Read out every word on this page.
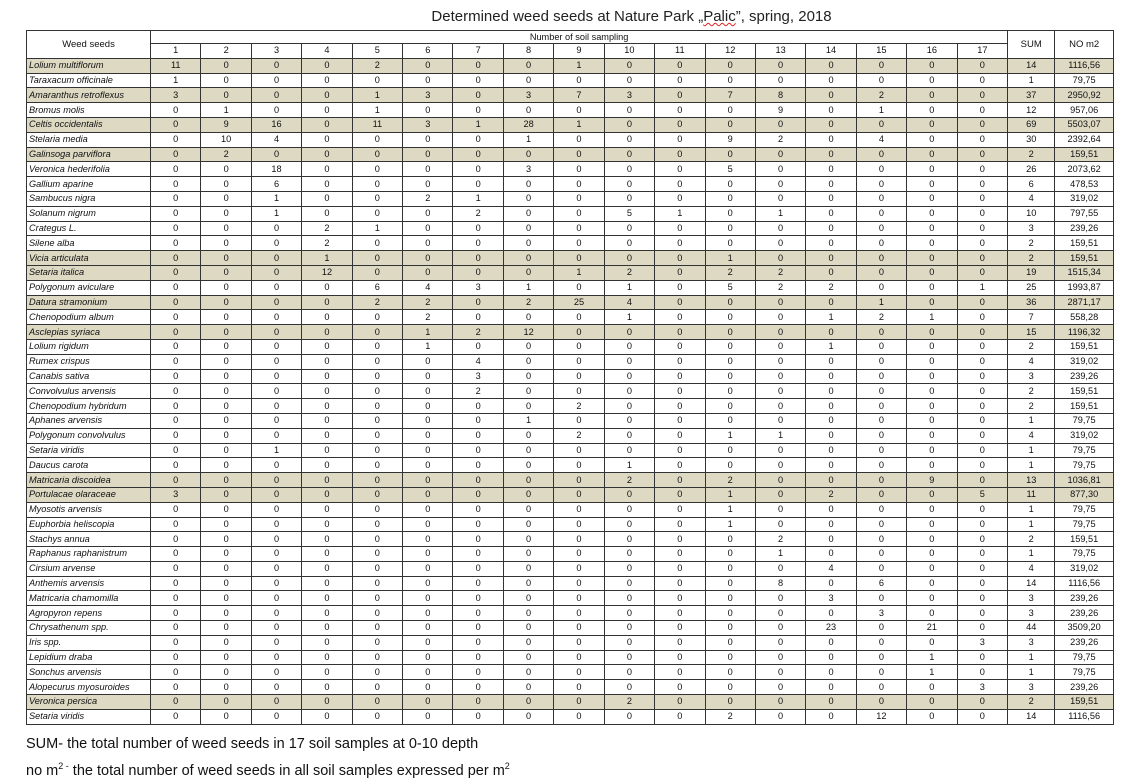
Determined weed seeds at Nature Park „Palic”, spring, 2018
Weed seeds	Number of soil sampling																	SUM	NO m2
	1	2	3	4	5	6	7	8	9	10	11	12	13	14	15	16	17		
Lolium multiflorum	11	0	0	0	2	0	0	0	1	0	0	0	0	0	0	0	0	14	1116,56
Taraxacum officinale	1	0	0	0	0	0	0	0	0	0	0	0	0	0	0	0	0	1	79,75
Amaranthus retroflexus	3	0	0	0	1	3	0	3	7	3	0	7	8	0	2	0	0	37	2950,92
Bromus molis	0	1	0	0	1	0	0	0	0	0	0	0	9	0	1	0	0	12	957,06
Celtis occidentalis	0	9	16	0	11	3	1	28	1	0	0	0	0	0	0	0	0	69	5503,07
Stelaria media	0	10	4	0	0	0	0	1	0	0	0	9	2	0	4	0	0	30	2392,64
Galinsoga parviflora	0	2	0	0	0	0	0	0	0	0	0	0	0	0	0	0	0	2	159,51
Veronica hederifolia	0	0	18	0	0	0	0	3	0	0	0	5	0	0	0	0	0	26	2073,62
Gallium aparine	0	0	6	0	0	0	0	0	0	0	0	0	0	0	0	0	0	6	478,53
Sambucus nigra	0	0	1	0	0	2	1	0	0	0	0	0	0	0	0	0	0	4	319,02
Solanum nigrum	0	0	1	0	0	0	2	0	0	5	1	0	1	0	0	0	0	10	797,55
Crategus L.	0	0	0	2	1	0	0	0	0	0	0	0	0	0	0	0	0	3	239,26
Silene alba	0	0	0	2	0	0	0	0	0	0	0	0	0	0	0	0	0	2	159,51
Vicia articulata	0	0	0	1	0	0	0	0	0	0	0	1	0	0	0	0	0	2	159,51
Setaria italica	0	0	0	12	0	0	0	0	1	2	0	2	2	0	0	0	0	19	1515,34
Polygonum aviculare	0	0	0	0	6	4	3	1	0	1	0	5	2	2	0	0	1	25	1993,87
Datura stramonium	0	0	0	0	2	2	0	2	25	4	0	0	0	0	1	0	0	36	2871,17
Chenopodium album	0	0	0	0	0	2	0	0	0	1	0	0	0	1	2	1	0	7	558,28
Asclepias syriaca	0	0	0	0	0	1	2	12	0	0	0	0	0	0	0	0	0	15	1196,32
Lolium rigidum	0	0	0	0	0	1	0	0	0	0	0	0	0	1	0	0	0	2	159,51
Rumex crispus	0	0	0	0	0	0	4	0	0	0	0	0	0	0	0	0	0	4	319,02
Canabis sativa	0	0	0	0	0	0	3	0	0	0	0	0	0	0	0	0	0	3	239,26
Convolvulus arvensis	0	0	0	0	0	0	2	0	0	0	0	0	0	0	0	0	0	2	159,51
Chenopodium hybridum	0	0	0	0	0	0	0	0	2	0	0	0	0	0	0	0	0	2	159,51
Aphanes arvensis	0	0	0	0	0	0	0	1	0	0	0	0	0	0	0	0	0	1	79,75
Polygonum convolvulus	0	0	0	0	0	0	0	0	2	0	0	1	1	0	0	0	0	4	319,02
Setaria viridis	0	0	1	0	0	0	0	0	0	0	0	0	0	0	0	0	0	1	79,75
Daucus carota	0	0	0	0	0	0	0	0	0	1	0	0	0	0	0	0	0	1	79,75
Matricaria discoidea	0	0	0	0	0	0	0	0	0	2	0	2	0	0	0	9	0	13	1036,81
Portulacae olaraceae	3	0	0	0	0	0	0	0	0	0	0	1	0	2	0	0	5	11	877,30
Myosotis arvensis	0	0	0	0	0	0	0	0	0	0	0	1	0	0	0	0	0	1	79,75
Euphorbia heliscopia	0	0	0	0	0	0	0	0	0	0	0	1	0	0	0	0	0	1	79,75
Stachys annua	0	0	0	0	0	0	0	0	0	0	0	0	2	0	0	0	0	2	159,51
Raphanus raphanistrum	0	0	0	0	0	0	0	0	0	0	0	0	1	0	0	0	0	1	79,75
Cirsium arvense	0	0	0	0	0	0	0	0	0	0	0	0	0	4	0	0	0	4	319,02
Anthemis arvensis	0	0	0	0	0	0	0	0	0	0	0	0	8	0	6	0	0	14	1116,56
Matricaria chamomilla	0	0	0	0	0	0	0	0	0	0	0	0	0	3	0	0	0	3	239,26
Agropyron repens	0	0	0	0	0	0	0	0	0	0	0	0	0	0	3	0	0	3	239,26
Chrysathenum spp.	0	0	0	0	0	0	0	0	0	0	0	0	0	23	0	21	0	44	3509,20
Iris spp.	0	0	0	0	0	0	0	0	0	0	0	0	0	0	0	0	3	3	239,26
Lepidium draba	0	0	0	0	0	0	0	0	0	0	0	0	0	0	0	1	0	1	79,75
Sonchus arvensis	0	0	0	0	0	0	0	0	0	0	0	0	0	0	0	1	0	1	79,75
Alopecurus myosuroides	0	0	0	0	0	0	0	0	0	0	0	0	0	0	0	0	3	3	239,26
Veronica persica	0	0	0	0	0	0	0	0	0	2	0	0	0	0	0	0	0	2	159,51
Setaria viridis	0	0	0	0	0	0	0	0	0	0	0	2	0	0	12	0	0	14	1116,56
SUM- the total number of weed seeds in 17 soil samples at 0-10 depth
no $m^{2 -}$ the total number of weed seeds in all soil samples expressed per $m^2$
